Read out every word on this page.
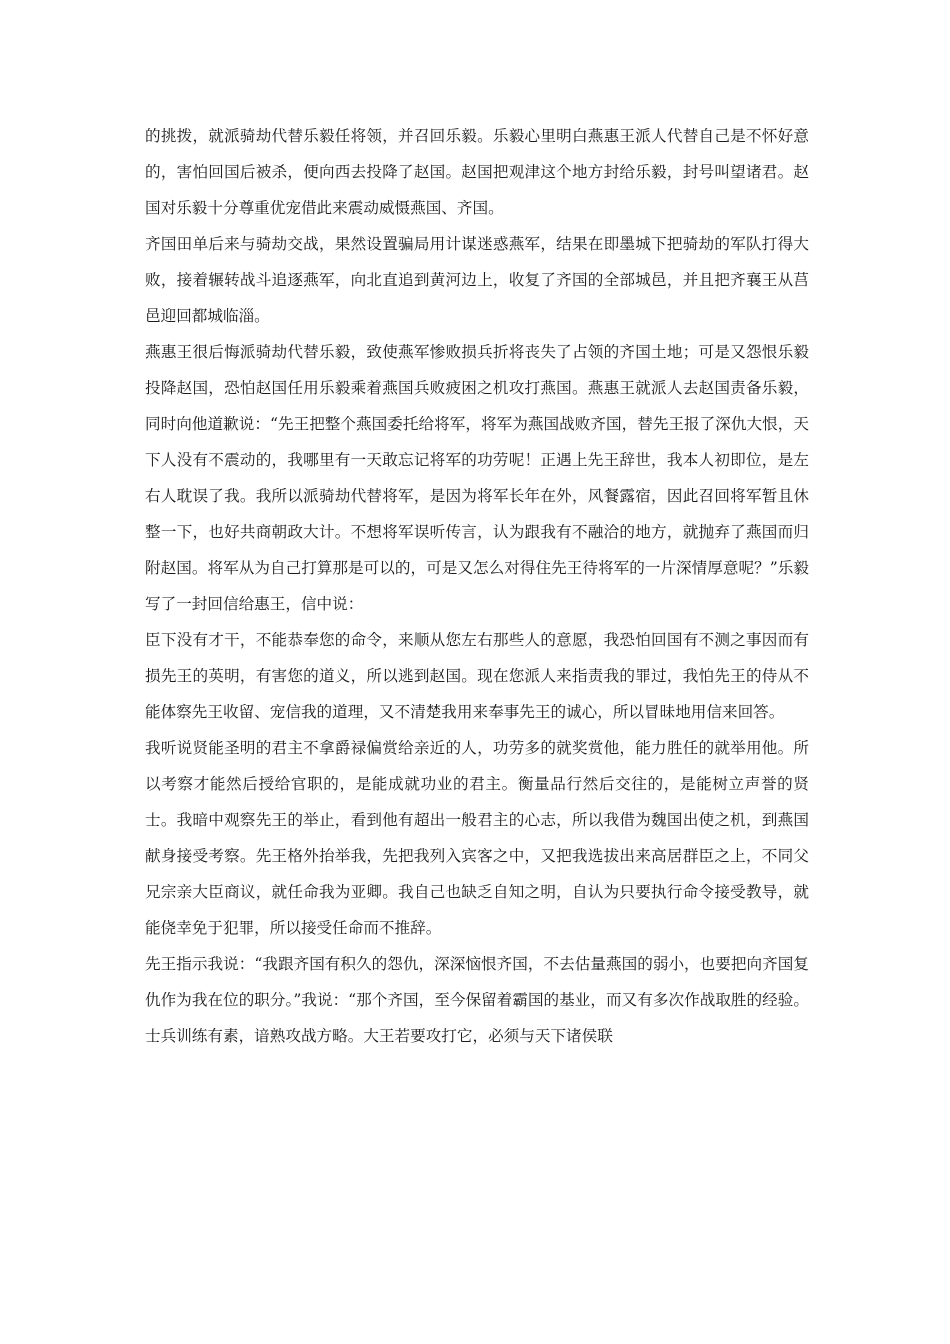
的挑拨，就派骑劫代替乐毅任将领，并召回乐毅。乐毅心里明白燕惠王派人代替自己是不怀好意的，害怕回国后被杀，便向西去投降了赵国。赵国把观津这个地方封给乐毅，封号叫望诸君。赵国对乐毅十分尊重优宠借此来震动威慑燕国、齐国。

齐国田单后来与骑劫交战，果然设置骗局用计谋迷惑燕军，结果在即墨城下把骑劫的军队打得大败，接着辗转战斗追逐燕军，向北直追到黄河边上，收复了齐国的全部城邑，并且把齐襄王从莒邑迎回都城临淄。

燕惠王很后悔派骑劫代替乐毅，致使燕军惨败损兵折将丧失了占领的齐国土地；可是又怨恨乐毅投降赵国，恐怕赵国任用乐毅乘着燕国兵败疲困之机攻打燕国。燕惠王就派人去赵国责备乐毅，同时向他道歉说：“先王把整个燕国委托给将军，将军为燕国战败齐国，替先王报了深仇大恨，天下人没有不震动的，我哪里有一天敢忘记将军的功劳呢！正遇上先王辞世，我本人初即位，是左右人耽误了我。我所以派骑劫代替将军，是因为将军长年在外，风餐露宿，因此召回将军暂且休整一下，也好共商朝政大计。不想将军误听传言，认为跟我有不融洽的地方，就抛弃了燕国而归附赵国。将军从为自己打算那是可以的，可是又怎么对得住先王待将军的一片深情厚意呢？”乐毅写了一封回信给惠王，信中说：

臣下没有才干，不能恭奉您的命令，来顺从您左右那些人的意愿，我恐怕回国有不测之事因而有损先王的英明，有害您的道义，所以逃到赵国。现在您派人来指责我的罪过，我怕先王的侍从不能体察先王收留、宠信我的道理，又不清楚我用来奉事先王的诚心，所以冒昧地用信来回答。

我听说贤能圣明的君主不拿爵禄偏赏给亲近的人，功劳多的就奖赏他，能力胜任的就举用他。所以考察才能然后授给官职的，是能成就功业的君主。衡量品行然后交往的，是能树立声誉的贤士。我暗中观察先王的举止，看到他有超出一般君主的心志，所以我借为魏国出使之机，到燕国献身接受考察。先王格外抬举我，先把我列入宾客之中，又把我选拔出来高居群臣之上，不同父兄宗亲大臣商议，就任命我为亚卿。我自己也缺乏自知之明，自认为只要执行命令接受教导，就能侥幸免于犯罪，所以接受任命而不推辞。

先王指示我说：“我跟齐国有积久的怨仇，深深恼恨齐国，不去估量燕国的弱小，也要把向齐国复仇作为我在位的职分。”我说：“那个齐国，至今保留着霸国的基业，而又有多次作战取胜的经验。士兵训练有素，谙熟攻战方略。大王若要攻打它，必须与天下诸侯联
